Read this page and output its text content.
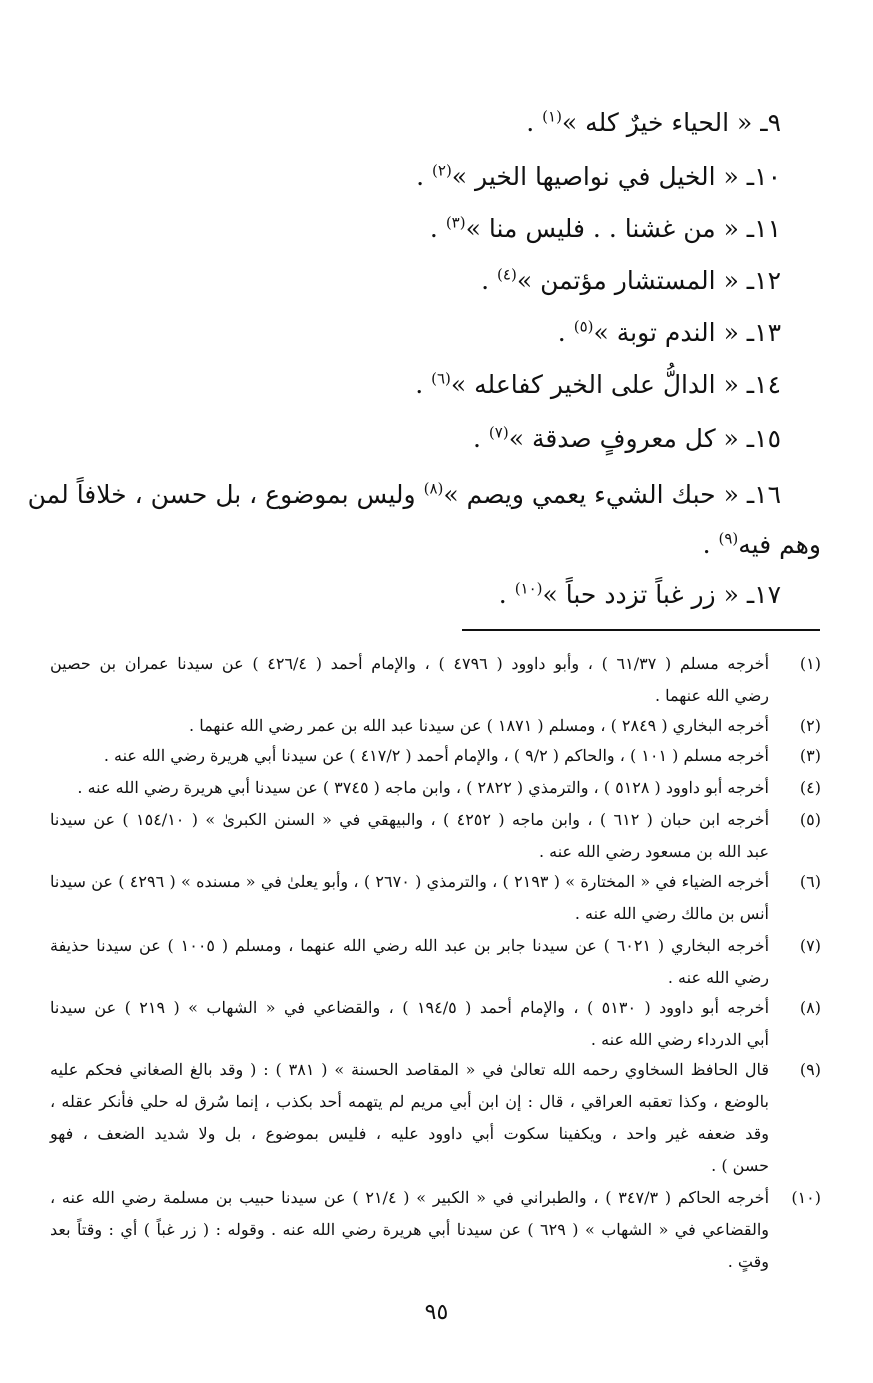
٩ـ « الحياء خيرٌ كله »$^{(١)}$ .
١٠ـ « الخيل في نواصيها الخير »$^{(٢)}$ .
١١ـ « من غشنا . . فليس منا »$^{(٣)}$ .
١٢ـ « المستشار مؤتمن »$^{(٤)}$ .
١٣ـ « الندم توبة »$^{(٥)}$ .
١٤ـ « الدالُّ على الخير كفاعله »$^{(٦)}$ .
١٥ـ « كل معروفٍ صدقة »$^{(٧)}$ .
١٦ـ « حبك الشيء يعمي ويصم »$^{(٨)}$ وليس بموضوع ، بل حسن ، خلافاً لمن
وهم فيه$^{(٩)}$ .
١٧ـ « زر غباً تزدد حباً »$^{(١٠)}$ .
(١)
أخرجه مسلم ( ٦١/٣٧ ) ، وأبو داوود ( ٤٧٩٦ ) ، والإمام أحمد ( ٤٢٦/٤ ) عن سيدنا عمران بن حصين
رضي الله عنهما .
(٢)
أخرجه البخاري ( ٢٨٤٩ ) ، ومسلم ( ١٨٧١ ) عن سيدنا عبد الله بن عمر رضي الله عنهما .
(٣)
أخرجه مسلم ( ١٠١ ) ، والحاكم ( ٩/٢ ) ، والإمام أحمد ( ٤١٧/٢ ) عن سيدنا أبي هريرة رضي الله عنه .
(٤)
أخرجه أبو داوود ( ٥١٢٨ ) ، والترمذي ( ٢٨٢٢ ) ، وابن ماجه ( ٣٧٤٥ ) عن سيدنا أبي هريرة رضي الله عنه .
(٥)
أخرجه ابن حبان ( ٦١٢ ) ، وابن ماجه ( ٤٢٥٢ ) ، والبيهقي في « السنن الكبرىٰ » ( ١٥٤/١٠ ) عن سيدنا
عبد الله بن مسعود رضي الله عنه .
(٦)
أخرجه الضياء في « المختارة » ( ٢١٩٣ ) ، والترمذي ( ٢٦٧٠ ) ، وأبو يعلىٰ في « مسنده » ( ٤٢٩٦ ) عن سيدنا
أنس بن مالك رضي الله عنه .
(٧)
أخرجه البخاري ( ٦٠٢١ ) عن سيدنا جابر بن عبد الله رضي الله عنهما ، ومسلم ( ١٠٠٥ ) عن سيدنا حذيفة
رضي الله عنه .
(٨)
أخرجه أبو داوود ( ٥١٣٠ ) ، والإمام أحمد ( ١٩٤/٥ ) ، والقضاعي في « الشهاب » ( ٢١٩ ) عن سيدنا
أبي الدرداء رضي الله عنه .
(٩)
قال الحافظ السخاوي رحمه الله تعالىٰ في « المقاصد الحسنة » ( ٣٨١ ) : ( وقد بالغ الصغاني فحكم عليه
بالوضع ، وكذا تعقبه العراقي ، قال : إن ابن أبي مريم لم يتهمه أحد بكذب ، إنما سُرق له حلي فأنكر عقله ،
وقد ضعفه غير واحد ، ويكفينا سكوت أبي داوود عليه ، فليس بموضوع ، بل ولا شديد الضعف ، فهو
حسن ) .
(١٠)
أخرجه الحاكم ( ٣٤٧/٣ ) ، والطبراني في « الكبير » ( ٢١/٤ ) عن سيدنا حبيب بن مسلمة رضي الله عنه ،
والقضاعي في « الشهاب » ( ٦٢٩ ) عن سيدنا أبي هريرة رضي الله عنه . وقوله : ( زر غباً ) أي : وقتاً بعد
وقتٍ .
٩٥
